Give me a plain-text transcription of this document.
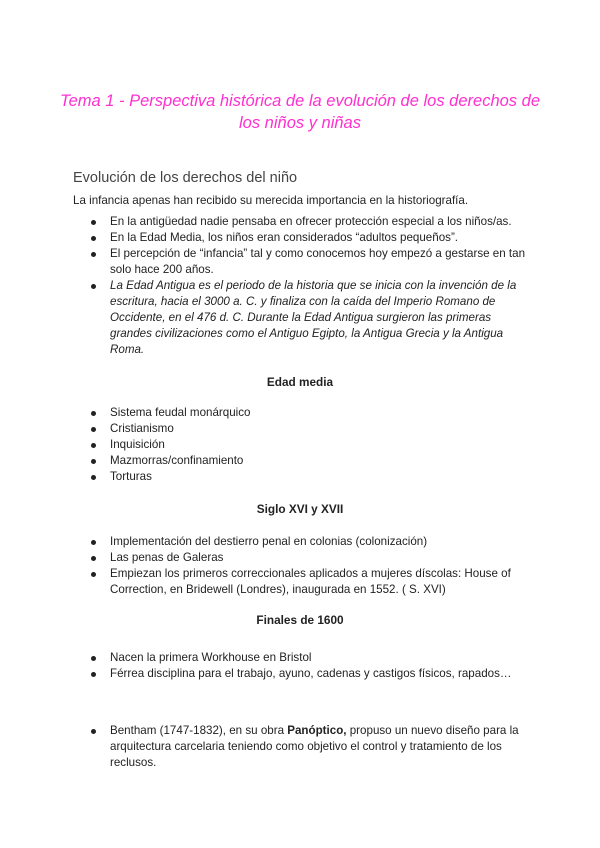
Tema 1 - Perspectiva histórica de la evolución de los derechos de los niños y niñas
Evolución de los derechos del niño
La infancia apenas han recibido su merecida importancia en la historiografía.
En la antigüedad nadie pensaba en ofrecer protección especial a los niños/as.
En la Edad Media, los niños eran considerados “adultos pequeños”.
El percepción de “infancia” tal y como conocemos hoy empezó a gestarse en tan solo hace 200 años.
La Edad Antigua es el periodo de la historia que se inicia con la invención de la escritura, hacia el 3000 a. C. y finaliza con la caída del Imperio Romano de Occidente, en el 476 d. C. Durante la Edad Antigua surgieron las primeras grandes civilizaciones como el Antiguo Egipto, la Antigua Grecia y la Antigua Roma.
Edad media
Sistema feudal monárquico
Cristianismo
Inquisición
Mazmorras/confinamiento
Torturas
Siglo XVI y XVII
Implementación del destierro penal en colonias (colonización)
Las penas de Galeras
Empiezan los primeros correccionales aplicados a mujeres díscolas: House of Correction, en Bridewell (Londres), inaugurada en 1552. ( S. XVI)
Finales de 1600
Nacen la primera Workhouse en Bristol
Férrea disciplina para el trabajo, ayuno, cadenas y castigos físicos, rapados…
Bentham (1747-1832), en su obra Panóptico, propuso un nuevo diseño para la arquitectura carcelaria teniendo como objetivo el control y tratamiento de los reclusos.
